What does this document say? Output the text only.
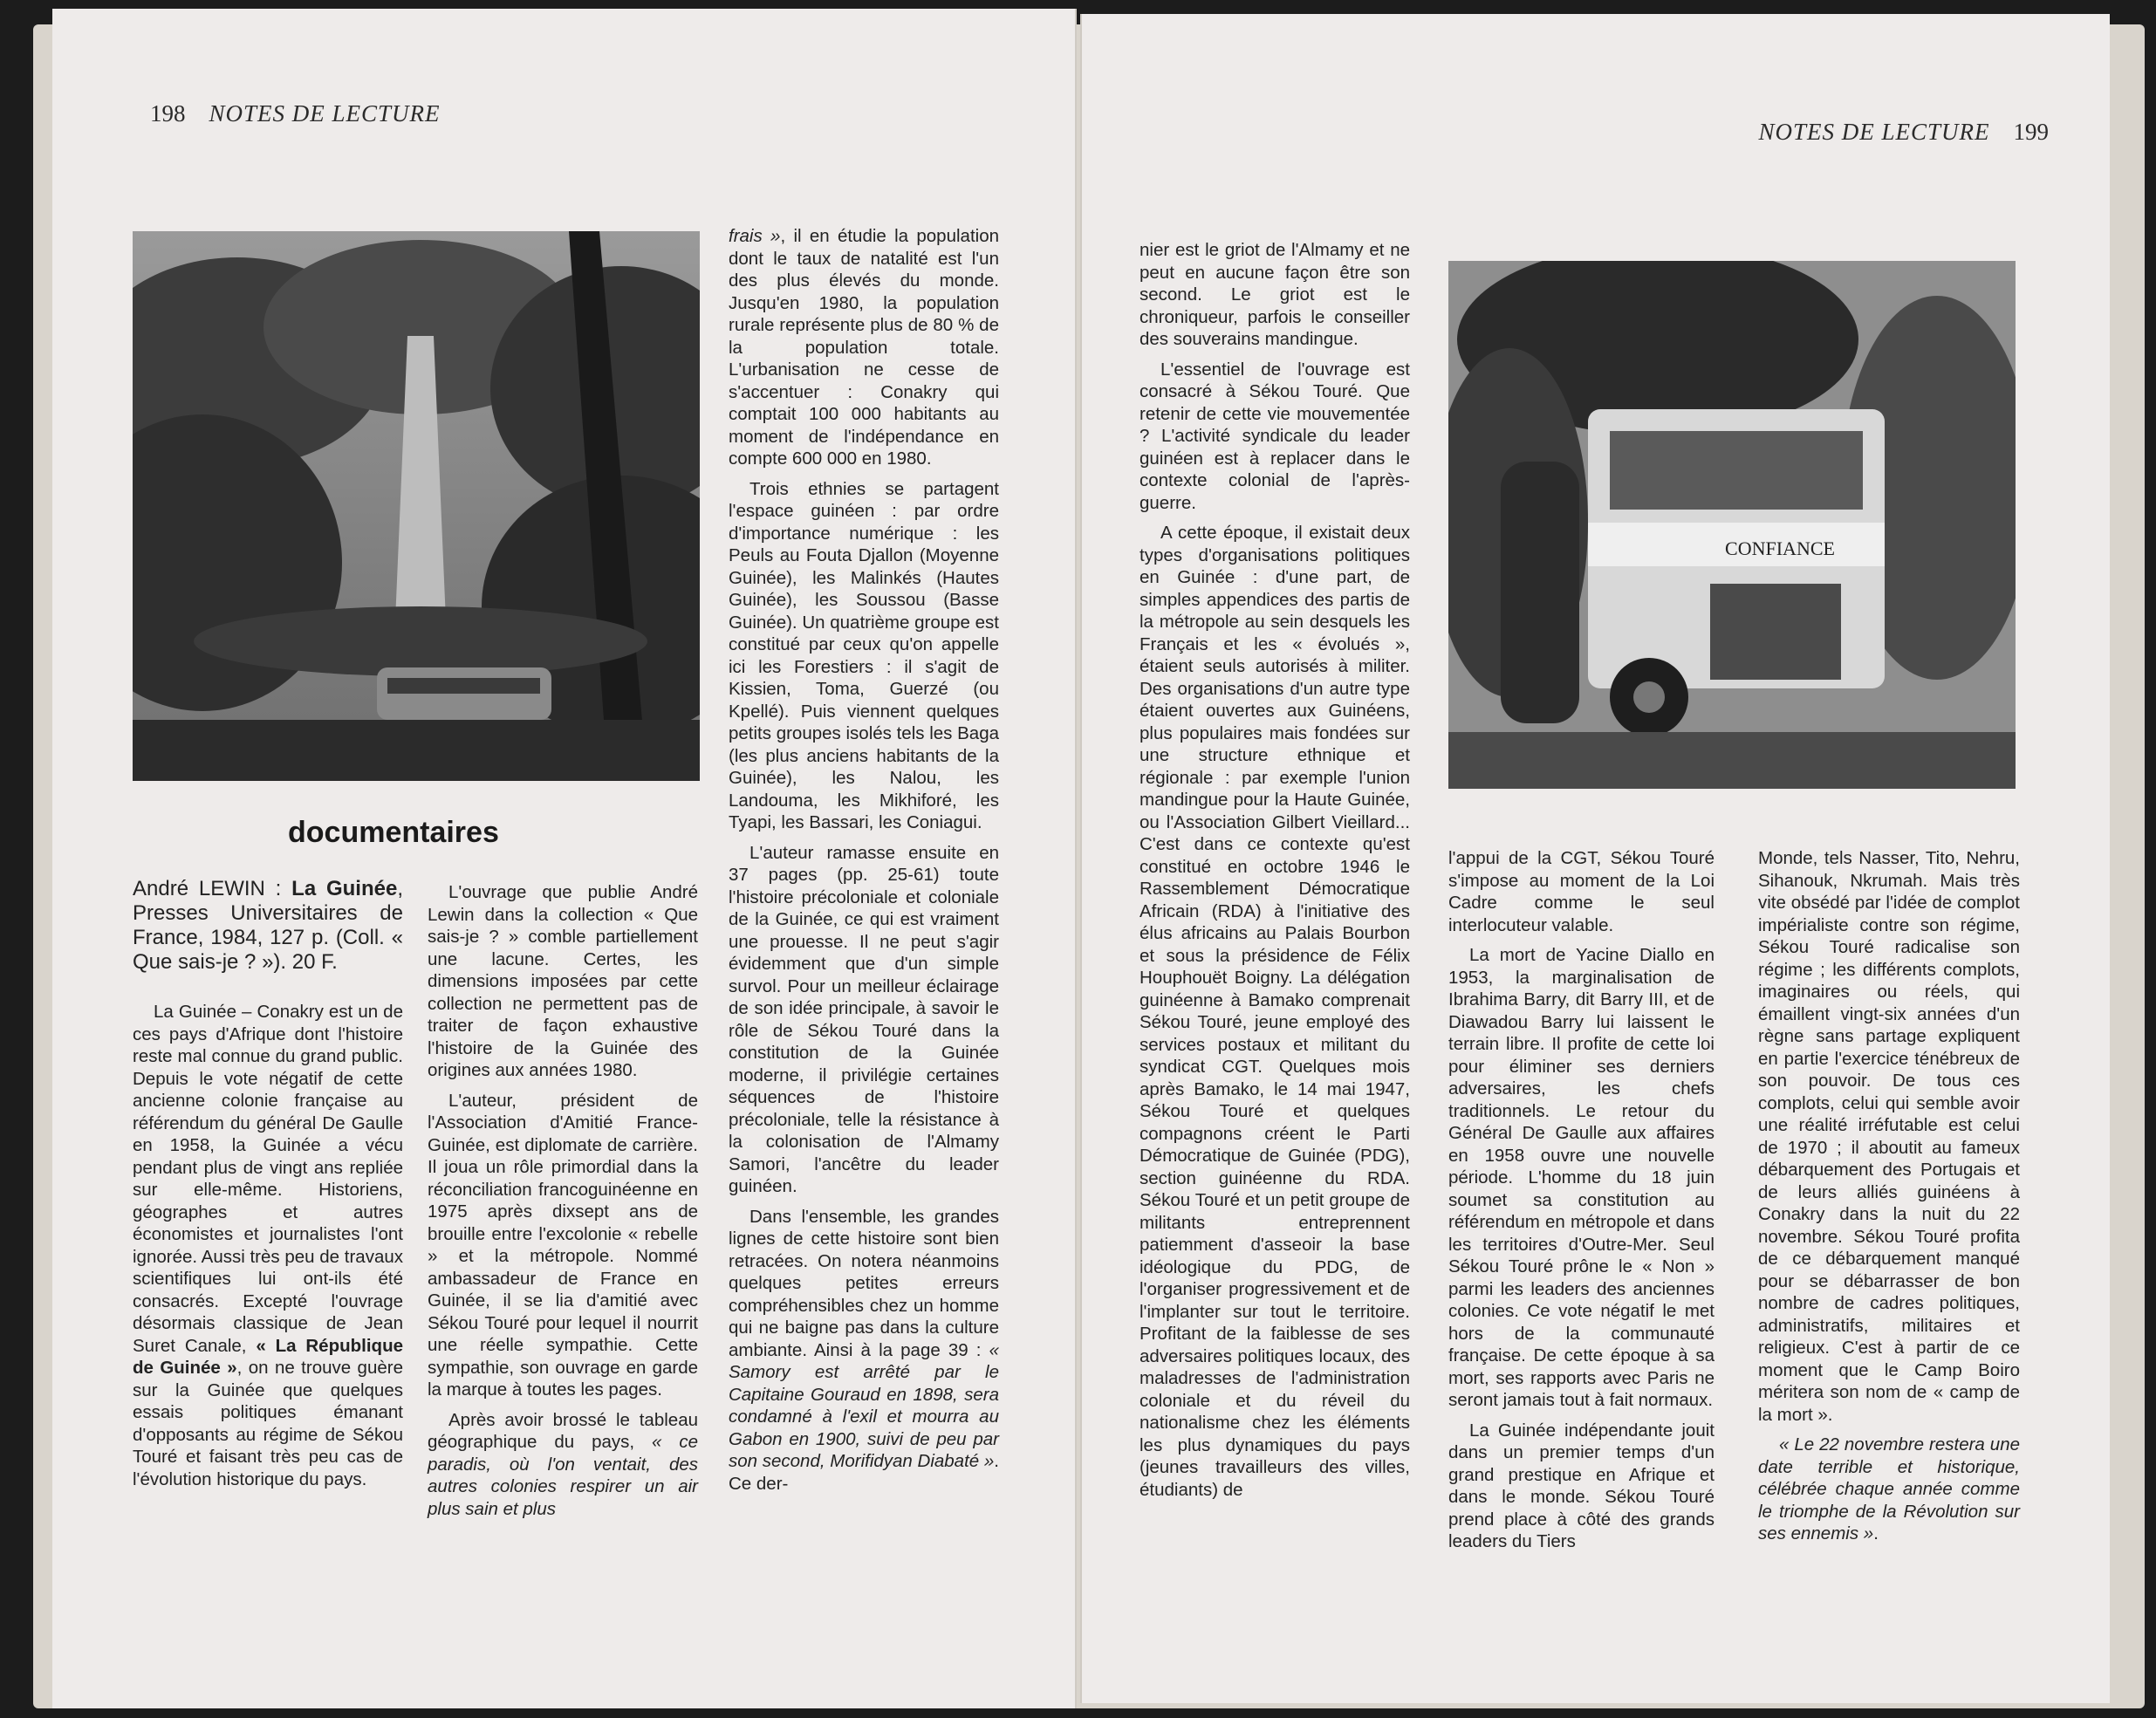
198 NOTES DE LECTURE
documentaires
André LEWIN : La Guinée, Presses Universitaires de France, 1984, 127 p. (Coll. « Que sais-je ? »). 20 F.

La Guinée – Conakry est un de ces pays d'Afrique dont l'histoire reste mal connue du grand public. Depuis le vote négatif de cette ancienne colonie française au référendum du général De Gaulle en 1958, la Guinée a vécu pendant plus de vingt ans repliée sur elle-même. Historiens, géographes et autres économistes et journalistes l'ont ignorée. Aussi très peu de travaux scientifiques lui ont-ils été consacrés. Excepté l'ouvrage désormais classique de Jean Suret Canale, « La République de Guinée », on ne trouve guère sur la Guinée que quelques essais politiques émanant d'opposants au régime de Sékou Touré et faisant très peu cas de l'évolution historique du pays.

L'ouvrage que publie André Lewin dans la collection « Que sais-je ? » comble partiellement une lacune. Certes, les dimensions imposées par cette collection ne permettent pas de traiter de façon exhaustive l'histoire de la Guinée des origines aux années 1980.

L'auteur, président de l'Association d'Amitié France-Guinée, est diplomate de carrière. Il joua un rôle primordial dans la réconciliation francoguinéenne en 1975 après dixsept ans de brouille entre l'excolonie « rebelle » et la métropole. Nommé ambassadeur de France en Guinée, il se lia d'amitié avec Sékou Touré pour lequel il nourrit une réelle sympathie. Cette sympathie, son ouvrage en garde la marque à toutes les pages.

Après avoir brossé le tableau géographique du pays, « ce paradis, où l'on ventait, des autres colonies respirer un air plus sain et plus

frais », il en étudie la population dont le taux de natalité est l'un des plus élevés du monde. Jusqu'en 1980, la population rurale représente plus de 80 % de la population totale. L'urbanisation ne cesse de s'accentuer : Conakry qui comptait 100 000 habitants au moment de l'indépendance en compte 600 000 en 1980.

Trois ethnies se partagent l'espace guinéen : par ordre d'importance numérique : les Peuls au Fouta Djallon (Moyenne Guinée), les Malinkés (Hautes Guinée), les Soussou (Basse Guinée). Un quatrième groupe est constitué par ceux qu'on appelle ici les Forestiers : il s'agit de Kissien, Toma, Guerzé (ou Kpellé). Puis viennent quelques petits groupes isolés tels les Baga (les plus anciens habitants de la Guinée), les Nalou, les Landouma, les Mikhiforé, les Tyapi, les Bassari, les Coniagui.

L'auteur ramasse ensuite en 37 pages (pp. 25-61) toute l'histoire précoloniale et coloniale de la Guinée, ce qui est vraiment une prouesse. Il ne peut s'agir évidemment que d'un simple survol. Pour un meilleur éclairage de son idée principale, à savoir le rôle de Sékou Touré dans la constitution de la Guinée moderne, il privilégie certaines séquences de l'histoire précoloniale, telle la résistance à la colonisation de l'Almamy Samori, l'ancêtre du leader guinéen.

Dans l'ensemble, les grandes lignes de cette histoire sont bien retracées. On notera néanmoins quelques petites erreurs compréhensibles chez un homme qui ne baigne pas dans la culture ambiante. Ainsi à la page 39 : « Samory est arrêté par le Capitaine Gouraud en 1898, sera condamné à l'exil et mourra au Gabon en 1900, suivi de peu par son second, Morifidyan Diabaté ». Ce der-

NOTES DE LECTURE 199
CONFIANCE

nier est le griot de l'Almamy et ne peut en aucune façon être son second. Le griot est le chroniqueur, parfois le conseiller des souverains mandingue.

L'essentiel de l'ouvrage est consacré à Sékou Touré. Que retenir de cette vie mouvementée ? L'activité syndicale du leader guinéen est à replacer dans le contexte colonial de l'après-guerre.

A cette époque, il existait deux types d'organisations politiques en Guinée : d'une part, de simples appendices des partis de la métropole au sein desquels les Français et les « évolués », étaient seuls autorisés à militer. Des organisations d'un autre type étaient ouvertes aux Guinéens, plus populaires mais fondées sur une structure ethnique et régionale : par exemple l'union mandingue pour la Haute Guinée, ou l'Association Gilbert Vieillard... C'est dans ce contexte qu'est constitué en octobre 1946 le Rassemblement Démocratique Africain (RDA) à l'initiative des élus africains au Palais Bourbon et sous la présidence de Félix Houphouët Boigny. La délégation guinéenne à Bamako comprenait Sékou Touré, jeune employé des services postaux et militant du syndicat CGT. Quelques mois après Bamako, le 14 mai 1947, Sékou Touré et quelques compagnons créent le Parti Démocratique de Guinée (PDG), section guinéenne du RDA. Sékou Touré et un petit groupe de militants entreprennent patiemment d'asseoir la base idéologique du PDG, de l'organiser progressivement et de l'implanter sur tout le territoire. Profitant de la faiblesse de ses adversaires politiques locaux, des maladresses de l'administration coloniale et du réveil du nationalisme chez les éléments les plus dynamiques du pays (jeunes travailleurs des villes, étudiants) de

l'appui de la CGT, Sékou Touré s'impose au moment de la Loi Cadre comme le seul interlocuteur valable.

La mort de Yacine Diallo en 1953, la marginalisation de Ibrahima Barry, dit Barry III, et de Diawadou Barry lui laissent le terrain libre. Il profite de cette loi pour éliminer ses derniers adversaires, les chefs traditionnels. Le retour du Général De Gaulle aux affaires en 1958 ouvre une nouvelle période. L'homme du 18 juin soumet sa constitution au référendum en métropole et dans les territoires d'Outre-Mer. Seul Sékou Touré prône le « Non » parmi les leaders des anciennes colonies. Ce vote négatif le met hors de la communauté française. De cette époque à sa mort, ses rapports avec Paris ne seront jamais tout à fait normaux.

La Guinée indépendante jouit dans un premier temps d'un grand prestique en Afrique et dans le monde. Sékou Touré prend place à côté des grands leaders du Tiers

Monde, tels Nasser, Tito, Nehru, Sihanouk, Nkrumah. Mais très vite obsédé par l'idée de complot impérialiste contre son régime, Sékou Touré radicalise son régime ; les différents complots, imaginaires ou réels, qui émaillent vingt-six années d'un règne sans partage expliquent en partie l'exercice ténébreux de son pouvoir. De tous ces complots, celui qui semble avoir une réalité irréfutable est celui de 1970 ; il aboutit au fameux débarquement des Portugais et de leurs alliés guinéens à Conakry dans la nuit du 22 novembre. Sékou Touré profita de ce débarquement manqué pour se débarrasser de bon nombre de cadres politiques, administratifs, militaires et religieux. C'est à partir de ce moment que le Camp Boiro méritera son nom de « camp de la mort ».

« Le 22 novembre restera une date terrible et historique, célébrée chaque année comme le triomphe de la Révolution sur ses ennemis ».
